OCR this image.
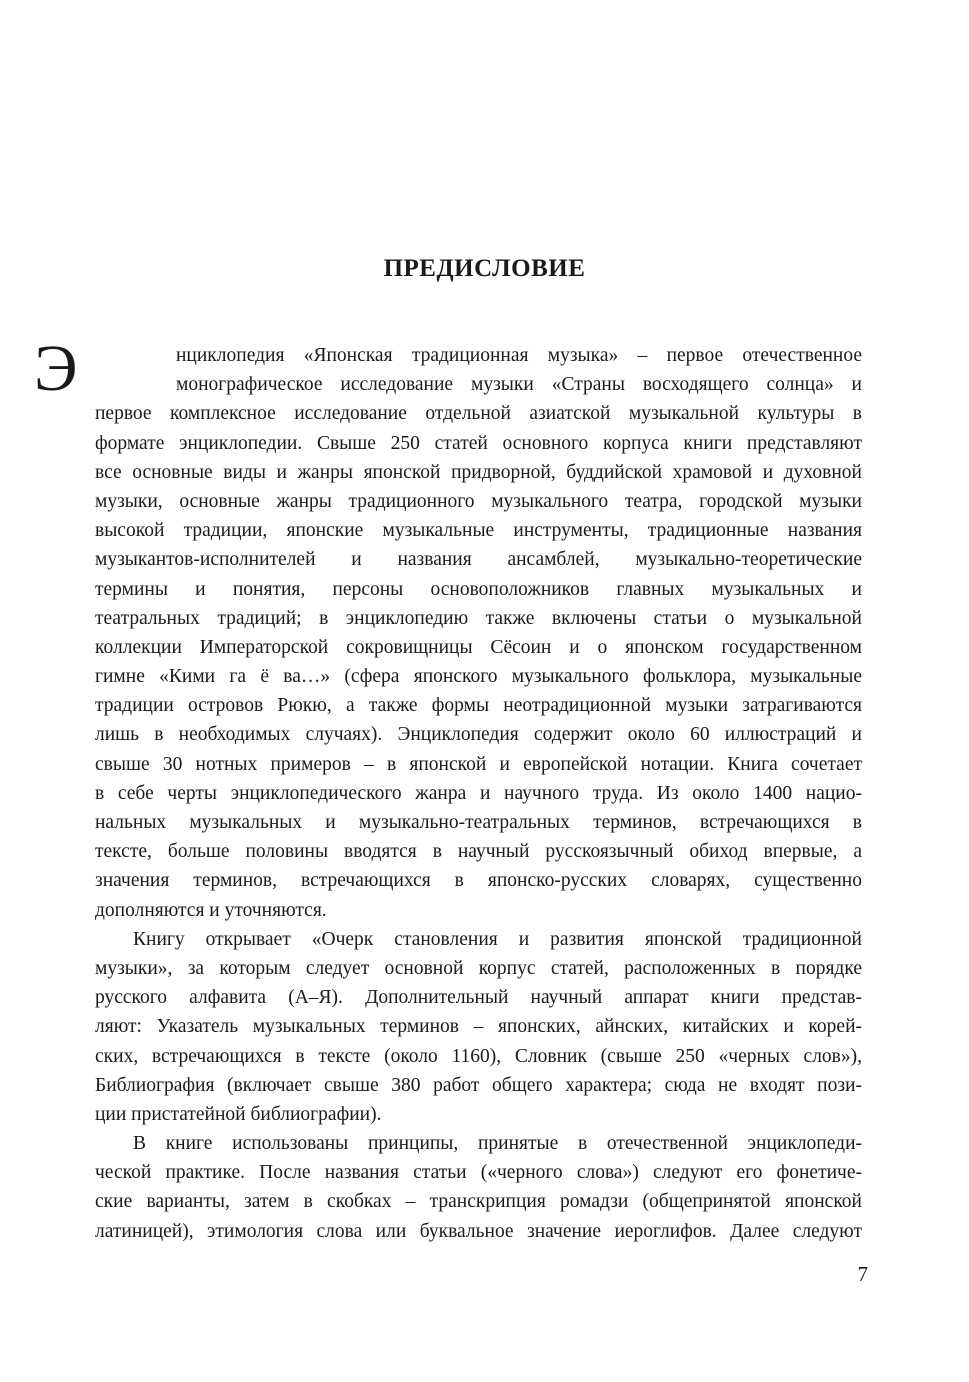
ПРЕДИСЛОВИЕ
Э	нциклопедия «Японская традиционная музыка» – первое отечественное
монографическое исследование музыки «Страны восходящего солнца» и
первое комплексное исследование отдельной азиатской музыкальной культуры в
формате энциклопедии. Свыше 250 статей основного корпуса книги представляют
все основные виды и жанры японской придворной, буддийской храмовой и духовной
музыки, основные жанры традиционного музыкального театра, городской музыки
высокой традиции, японские музыкальные инструменты, традиционные названия
музыкантов-исполнителей и названия ансамблей, музыкально-теоретические
термины и понятия, персоны основоположников главных музыкальных и
театральных традиций; в энциклопедию также включены статьи о музыкальной
коллекции Императорской сокровищницы Сёсоин и о японском государственном
гимне «Кими га ё ва…» (сфера японского музыкального фольклора, музыкальные
традиции островов Рюкю, а также формы неотрадиционной музыки затрагиваются
лишь в необходимых случаях). Энциклопедия содержит около 60 иллюстраций и
свыше 30 нотных примеров – в японской и европейской нотации. Книга сочетает
в себе черты энциклопедического жанра и научного труда. Из около 1400 нацио-
нальных музыкальных и музыкально-театральных терминов, встречающихся в
тексте, больше половины вводятся в научный русскоязычный обиход впервые, а
значения терминов, встречающихся в японско-русских словарях, существенно
дополняются и уточняются.
Книгу открывает «Очерк становления и развития японской традиционной
музыки», за которым следует основной корпус статей, расположенных в порядке
русского алфавита (А–Я). Дополнительный научный аппарат книги представ-
ляют: Указатель музыкальных терминов – японских, айнских, китайских и корей-
ских, встречающихся в тексте (около 1160), Словник (свыше 250 «черных слов»),
Библиография (включает свыше 380 работ общего характера; сюда не входят пози-
ции пристатейной библиографии).
В книге использованы принципы, принятые в отечественной энциклопеди-
ческой практике. После названия статьи («черного слова») следуют его фонетиче-
ские варианты, затем в скобках – транскрипция ромадзи (общепринятой японской
латиницей), этимология слова или буквальное значение иероглифов. Далее следуют
7
